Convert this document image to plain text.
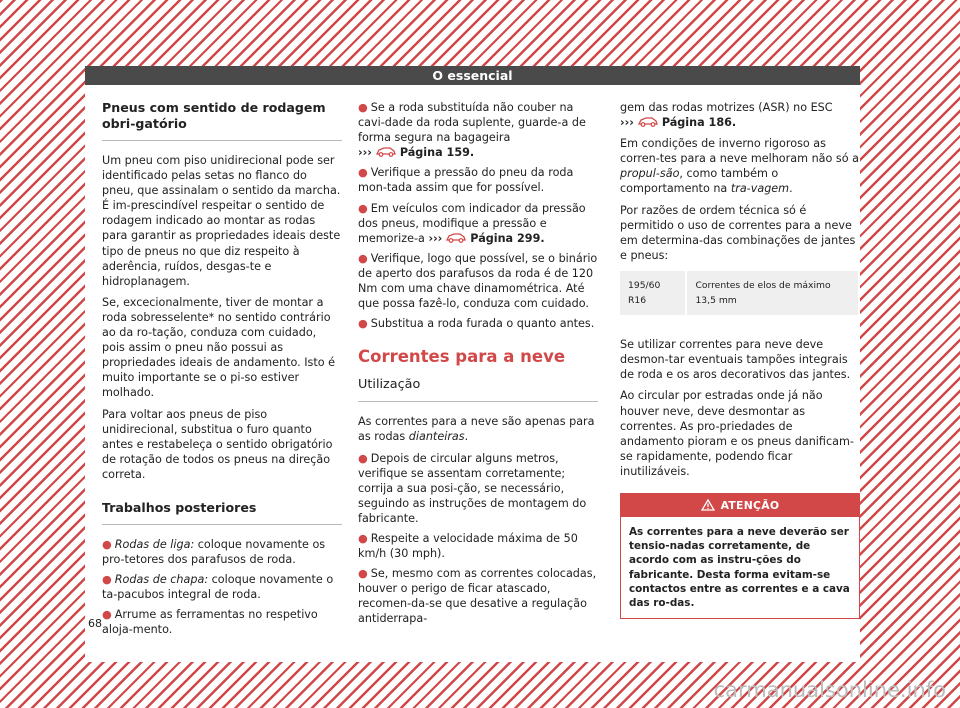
O essencial
Pneus com sentido de rodagem obri-gatório

Um pneu com piso unidirecional pode ser identificado pelas setas no flanco do pneu, que assinalam o sentido da marcha. É im-prescindível respeitar o sentido de rodagem indicado ao montar as rodas para garantir as propriedades ideais deste tipo de pneus no que diz respeito à aderência, ruídos, desgas-te e hidroplanagem.

Se, excecionalmente, tiver de montar a roda sobresselente* no sentido contrário ao da ro-tação, conduza com cuidado, pois assim o pneu não possui as propriedades ideais de andamento. Isto é muito importante se o pi-so estiver molhado.

Para voltar aos pneus de piso unidirecional, substitua o furo quanto antes e restabeleça o sentido obrigatório de rotação de todos os pneus na direção correta.

Trabalhos posteriores
● Rodas de liga: coloque novamente os pro-tetores dos parafusos de roda.
● Rodas de chapa: coloque novamente o ta-pacubos integral de roda.
● Arrume as ferramentas no respetivo aloja-mento.
● Se a roda substituída não couber na cavi-dade da roda suplente, guarde-a de forma segura na bagageira ›››	Página 159.
● Verifique a pressão do pneu da roda mon-tada assim que for possível.
● Em veículos com indicador da pressão dos pneus, modifique a pressão e memorize-a ›››	Página 299.
● Verifique, logo que possível, se o binário de aperto dos parafusos da roda é de 120 Nm com uma chave dinamométrica. Até que possa fazê-lo, conduza com cuidado.
● Substitua a roda furada o quanto antes.
Correntes para a neve
Utilização

As correntes para a neve são apenas para as rodas dianteiras.

● Depois de circular alguns metros, verifique se assentam corretamente; corrija a sua posi-ção, se necessário, seguindo as instruções de montagem do fabricante.
● Respeite a velocidade máxima de 50 km/h (30 mph).
● Se, mesmo com as correntes colocadas, houver o perigo de ficar atascado, recomen-da-se que desative a regulação antiderrapa-

gem das rodas motrizes (ASR) no ESC
›››	Página 186.

Em condições de inverno rigoroso as corren-tes para a neve melhoram não só a propul-são, como também o comportamento na tra-vagem.

Por razões de ordem técnica só é permitido o uso de correntes para a neve em determina-das combinações de jantes e pneus:

195/60 R16	Correntes de elos de máximo 13,5 mm

Se utilizar correntes para neve deve desmon-tar eventuais tampões integrais de roda e os aros decorativos das jantes.

Ao circular por estradas onde já não houver neve, deve desmontar as correntes. As pro-priedades de andamento pioram e os pneus danificam-se rapidamente, podendo ficar inutilizáveis.

ATENÇÃO
As correntes para a neve deverão ser tensio-nadas corretamente, de acordo com as instru-ções do fabricante. Desta forma evitam-se contactos entre as correntes e a cava das ro-das.
68
carmanualsonline.info
